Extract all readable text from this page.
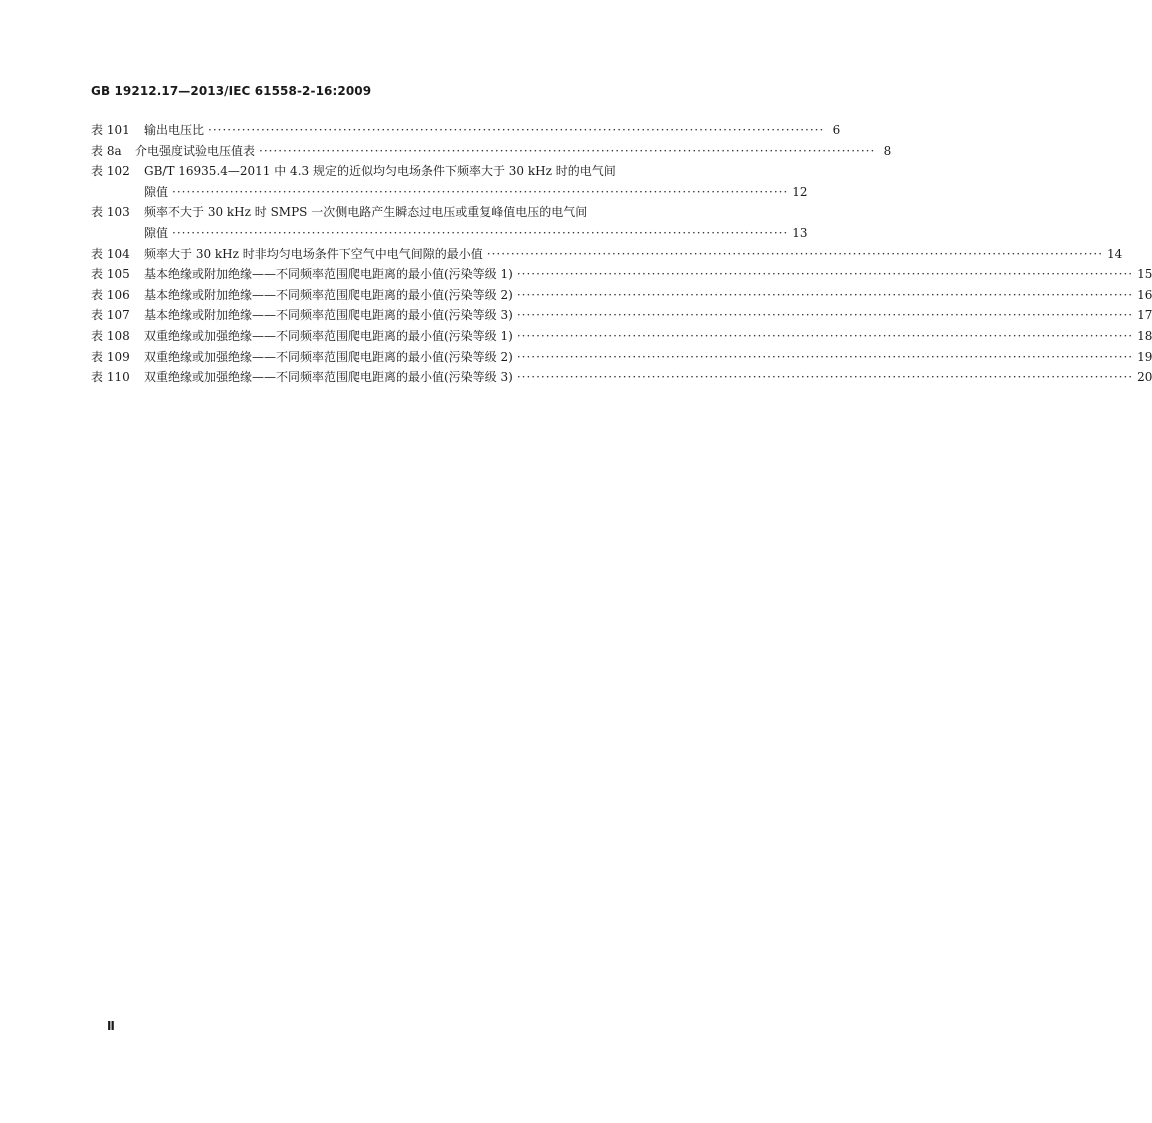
GB 19212.17—2013/IEC 61558-2-16:2009
表 101	输出电压比 ·····	6
表 8a	介电强度试验电压值表 ·····	8
表 102	GB/T 16935.4—2011 中 4.3 规定的近似均匀电场条件下频率大于 30 kHz 时的电气间
隙值 ·····	12
表 103	频率不大于 30 kHz 时 SMPS 一次侧电路产生瞬态过电压或重复峰值电压的电气间
隙值 ·····	13
表 104	频率大于 30 kHz 时非均匀电场条件下空气中电气间隙的最小值 ·····	14
表 105	基本绝缘或附加绝缘——不同频率范围爬电距离的最小值(污染等级 1) ·····	15
表 106	基本绝缘或附加绝缘——不同频率范围爬电距离的最小值(污染等级 2) ·····	16
表 107	基本绝缘或附加绝缘——不同频率范围爬电距离的最小值(污染等级 3) ·····	17
表 108	双重绝缘或加强绝缘——不同频率范围爬电距离的最小值(污染等级 1) ·····	18
表 109	双重绝缘或加强绝缘——不同频率范围爬电距离的最小值(污染等级 2) ·····	19
表 110	双重绝缘或加强绝缘——不同频率范围爬电距离的最小值(污染等级 3) ·····	20
Ⅱ
